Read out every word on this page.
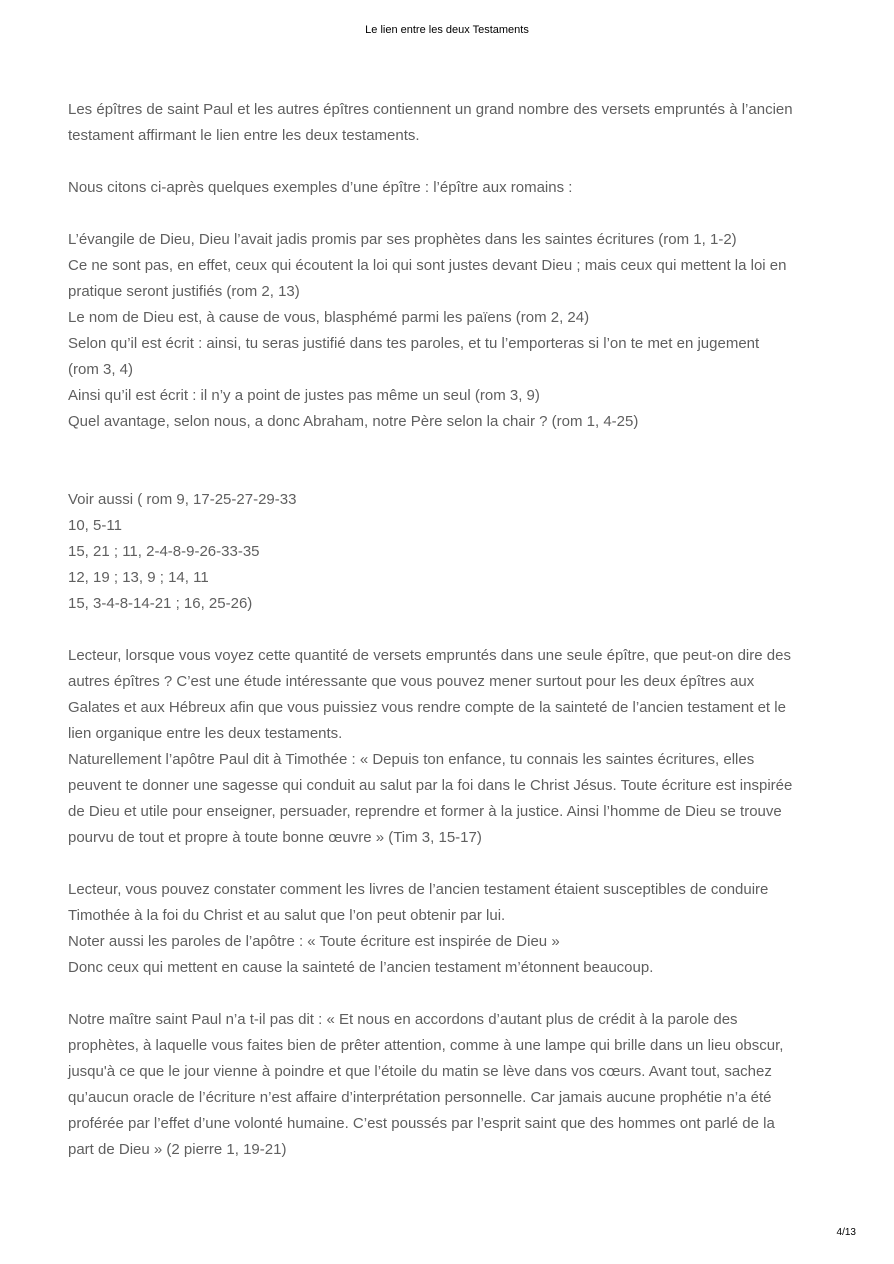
Le lien entre les deux Testaments
Les épîtres de saint Paul et les autres épîtres contiennent un grand nombre des versets empruntés à l’ancien
testament affirmant le lien entre les deux testaments.
Nous citons ci-après quelques exemples d’une épître : l’épître aux romains :
L’évangile de Dieu, Dieu l’avait jadis promis par ses prophètes dans les saintes écritures (rom 1, 1-2)
Ce ne sont pas, en effet, ceux qui écoutent la loi qui sont justes devant Dieu ; mais ceux qui mettent la loi en
pratique seront justifiés (rom 2, 13)
Le nom de Dieu est, à cause de vous, blasphémé parmi les païens (rom 2, 24)
Selon qu’il est écrit : ainsi, tu seras justifié dans tes paroles, et tu l’emporteras si l’on te met en jugement
(rom 3, 4)
Ainsi qu’il est écrit : il n’y a point de justes pas même un seul (rom 3, 9)
Quel avantage, selon nous, a donc Abraham, notre Père selon la chair ? (rom 1, 4-25)
Voir aussi ( rom 9, 17-25-27-29-33
10, 5-11
15, 21 ; 11, 2-4-8-9-26-33-35
12, 19 ; 13, 9 ; 14, 11
15, 3-4-8-14-21 ; 16, 25-26)
Lecteur, lorsque vous voyez cette quantité de versets empruntés dans une seule épître, que peut-on dire des
autres épîtres ? C’est une étude intéressante que vous pouvez mener surtout pour les deux épîtres aux
Galates et aux Hébreux afin que vous puissiez vous rendre compte de la sainteté de l’ancien testament et le
lien organique entre les deux testaments.
Naturellement l’apôtre Paul dit à Timothée : « Depuis ton enfance, tu connais les saintes écritures, elles
peuvent te donner une sagesse qui conduit au salut par la foi dans le Christ Jésus. Toute écriture est inspirée
de Dieu et utile pour enseigner, persuader, reprendre et former à la justice. Ainsi l’homme de Dieu se trouve
pourvu de tout et propre à toute bonne œuvre » (Tim 3, 15-17)
Lecteur, vous pouvez constater comment les livres de l’ancien testament étaient susceptibles de conduire
Timothée à la foi du Christ et au salut que l’on peut obtenir par lui.
Noter aussi les paroles de l’apôtre : « Toute écriture est inspirée de Dieu »
Donc ceux qui mettent en cause la sainteté de l’ancien testament m’étonnent beaucoup.
Notre maître saint Paul n’a t-il pas dit : « Et nous en accordons d’autant plus de crédit à la parole des
prophètes, à laquelle vous faites bien de prêter attention, comme à une lampe qui brille dans un lieu obscur,
jusqu'à ce que le jour vienne à poindre et que l’étoile du matin se lève dans vos cœurs. Avant tout, sachez
qu’aucun oracle de l’écriture n’est affaire d’interprétation personnelle. Car jamais aucune prophétie n’a été
proférée par l’effet d’une volonté humaine. C’est poussés par l’esprit saint que des hommes ont parlé de la
part de Dieu » (2 pierre 1, 19-21)
4/13
